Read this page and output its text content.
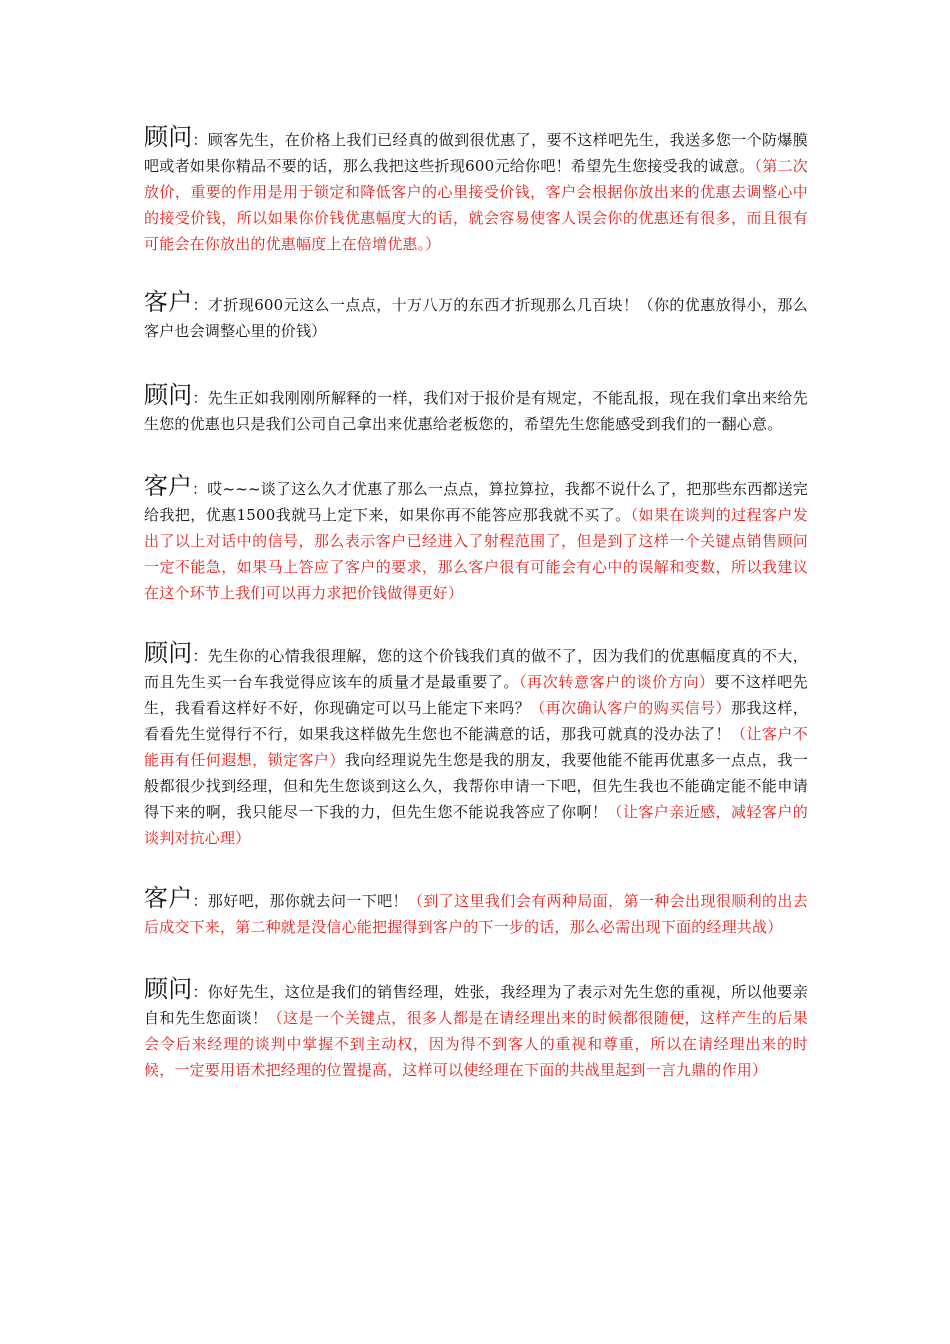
顾问：顾客先生，在价格上我们已经真的做到很优惠了，要不这样吧先生，我送多您一个防爆膜吧或者如果你精品不要的话，那么我把这些折现600元给你吧！希望先生您接受我的诚意。（第二次放价，重要的作用是用于锁定和降低客户的心里接受价钱，客户会根据你放出来的优惠去调整心中的接受价钱，所以如果你价钱优惠幅度大的话，就会容易使客人误会你的优惠还有很多，而且很有可能会在你放出的优惠幅度上在倍增优惠。）

客户：才折现600元这么一点点，十万八万的东西才折现那么几百块！（你的优惠放得小，那么客户也会调整心里的价钱）

顾问：先生正如我刚刚所解释的一样，我们对于报价是有规定，不能乱报，现在我们拿出来给先生您的优惠也只是我们公司自己拿出来优惠给老板您的，希望先生您能感受到我们的一翻心意。

客户：哎~~~谈了这么久才优惠了那么一点点，算拉算拉，我都不说什么了，把那些东西都送完给我把，优惠1500我就马上定下来，如果你再不能答应那我就不买了。（如果在谈判的过程客户发出了以上对话中的信号，那么表示客户已经进入了射程范围了，但是到了这样一个关键点销售顾问一定不能急，如果马上答应了客户的要求，那么客户很有可能会有心中的误解和变数，所以我建议在这个环节上我们可以再力求把价钱做得更好）

顾问：先生你的心情我很理解，您的这个价钱我们真的做不了，因为我们的优惠幅度真的不大，而且先生买一台车我觉得应该车的质量才是最重要了。（再次转意客户的谈价方向）要不这样吧先生，我看看这样好不好，你现确定可以马上能定下来吗？（再次确认客户的购买信号）那我这样，看看先生觉得行不行，如果我这样做先生您也不能满意的话，那我可就真的没办法了！（让客户不能再有任何遐想，锁定客户）我向经理说先生您是我的朋友，我要他能不能再优惠多一点点，我一般都很少找到经理，但和先生您谈到这么久，我帮你申请一下吧，但先生我也不能确定能不能申请得下来的啊，我只能尽一下我的力，但先生您不能说我答应了你啊！（让客户亲近感，减轻客户的谈判对抗心理）

客户：那好吧，那你就去问一下吧！（到了这里我们会有两种局面，第一种会出现很顺利的出去后成交下来，第二种就是没信心能把握得到客户的下一步的话，那么必需出现下面的经理共战）

顾问：你好先生，这位是我们的销售经理，姓张，我经理为了表示对先生您的重视，所以他要亲自和先生您面谈！（这是一个关键点，很多人都是在请经理出来的时候都很随便，这样产生的后果会令后来经理的谈判中掌握不到主动权，因为得不到客人的重视和尊重，所以在请经理出来的时候，一定要用语术把经理的位置提高，这样可以使经理在下面的共战里起到一言九鼎的作用）
